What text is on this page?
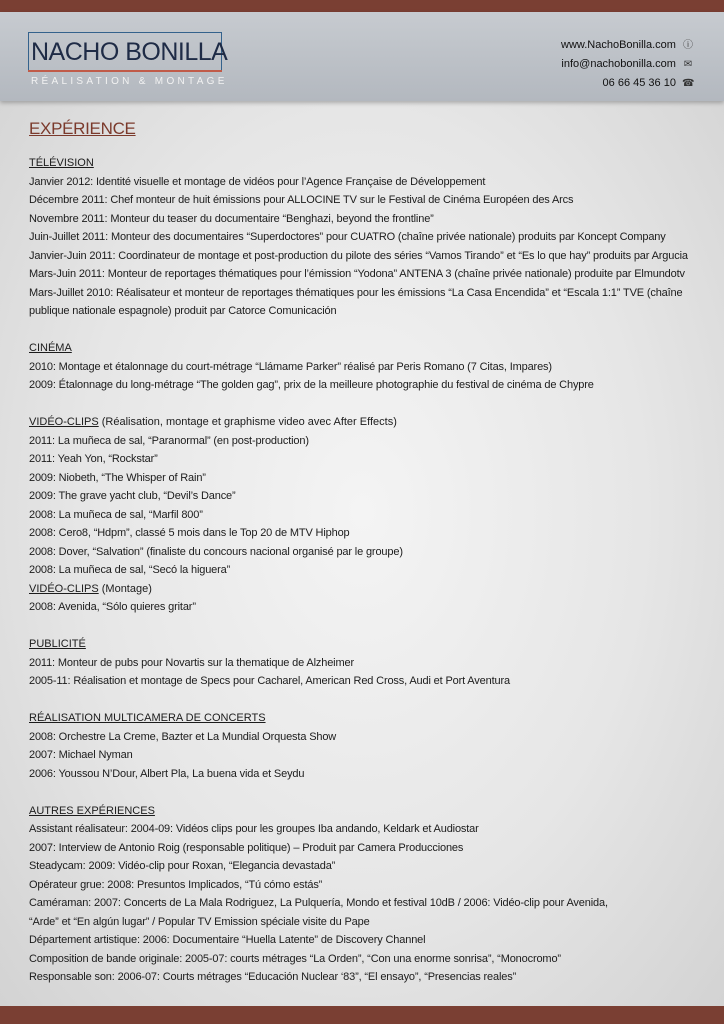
NACHO BONILLA
RÉALISATION & MONTAGE
www.NachoBonilla.com ⓘ
info@nachobonilla.com ✉
06 66 45 36 10 ☎
EXPÉRIENCE
TÉLÉVISION
Janvier 2012: Identité visuelle et montage de vidéos pour l’Agence Française de Développement
Décembre 2011: Chef monteur de huit émissions pour ALLOCINE TV sur le Festival de Cinéma Européen des Arcs
Novembre 2011: Monteur du teaser du documentaire “Benghazi, beyond the frontline”
Juin-Juillet 2011: Monteur des documentaires “Superdoctores” pour CUATRO (chaîne privée nationale) produits par Koncept Company
Janvier-Juin 2011: Coordinateur de montage et post-production du pilote des séries “Vamos Tirando” et “Es lo que hay” produits par Argucia
Mars-Juin 2011: Monteur de reportages thématiques pour l’émission “Yodona” ANTENA 3 (chaîne privée nationale) produite par Elmundotv
Mars-Juillet 2010: Réalisateur et monteur de reportages thématiques pour les émissions “La Casa Encendida” et “Escala 1:1” TVE (chaîne
publique nationale espagnole) produit par Catorce Comunicación
CINÉMA
2010: Montage et étalonnage du court-métrage “Llámame Parker” réalisé par Peris Romano (7 Citas, Impares)
2009: Étalonnage du long-métrage “The golden gag”, prix de la meilleure photographie du festival de cinéma de Chypre
VIDÉO-CLIPS (Réalisation, montage et graphisme video avec After Effects)
2011: La muñeca de sal, “Paranormal” (en post-production)
2011: Yeah Yon, “Rockstar”
2009: Niobeth, “The Whisper of Rain”
2009: The grave yacht club, “Devil’s Dance”
2008: La muñeca de sal, “Marfil 800”
2008: Cero8, “Hdpm”, classé 5 mois dans le Top 20 de MTV Hiphop
2008: Dover, “Salvation” (finaliste du concours nacional organisé par le groupe)
2008: La muñeca de sal, “Secó la higuera”
VIDÉO-CLIPS (Montage)
2008: Avenida, “Sólo quieres gritar”
PUBLICITÉ
2011: Monteur de pubs pour Novartis sur la thematique de Alzheimer
2005-11: Réalisation et montage de Specs pour Cacharel, American Red Cross, Audi et Port Aventura
RÉALISATION MULTICAMERA DE CONCERTS
2008: Orchestre La Creme, Bazter et La Mundial Orquesta Show
2007: Michael Nyman
2006: Youssou N’Dour, Albert Pla, La buena vida et Seydu
AUTRES EXPÉRIENCES
Assistant réalisateur: 2004-09: Vidéos clips pour les groupes Iba andando, Keldark et Audiostar
2007: Interview de Antonio Roig (responsable politique) – Produit par Camera Producciones
Steadycam: 2009: Vidéo-clip pour Roxan, “Elegancia devastada”
Opérateur grue: 2008: Presuntos Implicados, “Tú cómo estás”
Caméraman: 2007: Concerts de La Mala Rodriguez, La Pulquería, Mondo et festival 10dB / 2006: Vidéo-clip pour Avenida,
“Arde” et “En algún lugar” / Popular TV Emission spéciale visite du Pape
Département artistique: 2006: Documentaire “Huella Latente” de Discovery Channel
Composition de bande originale: 2005-07: courts métrages “La Orden”, “Con una enorme sonrisa”, “Monocromo”
Responsable son: 2006-07: Courts métrages “Educación Nuclear ‘83”, “El ensayo”, “Presencias reales”
